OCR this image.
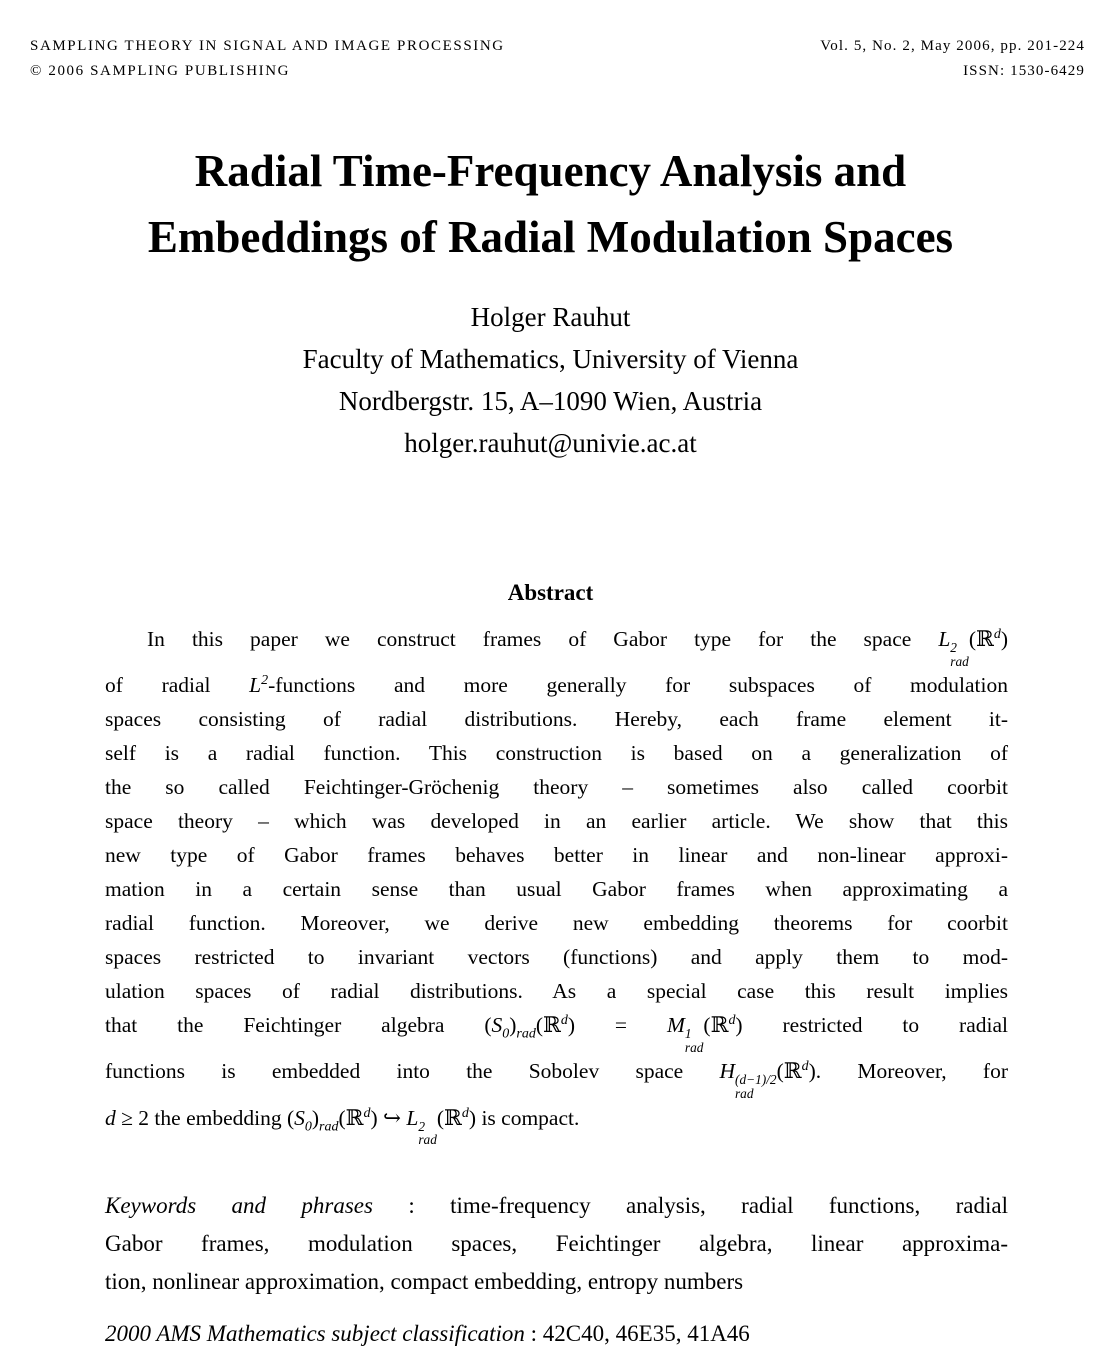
SAMPLING THEORY IN SIGNAL AND IMAGE PROCESSING
© 2006 SAMPLING PUBLISHING
Vol. 5, No. 2, May 2006, pp. 201-224
ISSN: 1530-6429
Radial Time-Frequency Analysis and
Embeddings of Radial Modulation Spaces
Holger Rauhut
Faculty of Mathematics, University of Vienna
Nordbergstr. 15, A–1090 Wien, Austria
holger.rauhut@univie.ac.at
Abstract
In this paper we construct frames of Gabor type for the space L 2
rad
(ℝ$^d$)
of radial $L^2$-functions and more generally for subspaces of modulation
spaces consisting of radial distributions. Hereby, each frame element it-
self is a radial function. This construction is based on a generalization of
the so called Feichtinger-Gröchenig theory – sometimes also called coorbit
space theory – which was developed in an earlier article. We show that this
new type of Gabor frames behaves better in linear and non-linear approxi-
mation in a certain sense than usual Gabor frames when approximating a
radial function. Moreover, we derive new embedding theorems for coorbit
spaces restricted to invariant vectors (functions) and apply them to mod-
ulation spaces of radial distributions. As a special case this result implies
that the Feichtinger algebra $(S_0)_{rad}(ℝ^d) = M$ 1
rad
(ℝ$^d$) restricted to radial
functions is embedded into the Sobolev space H (d−1)/2
rad
(ℝ$^d$). Moreover, for
d ≥ 2 the embedding $(S_0)_{rad}(ℝ^d)$ ↪ L 2
rad
(ℝ$^d$) is compact.
Keywords and phrases : time-frequency analysis, radial functions, radial
Gabor frames, modulation spaces, Feichtinger algebra, linear approxima-
tion, nonlinear approximation, compact embedding, entropy numbers
2000 AMS Mathematics subject classification : 42C40, 46E35, 41A46
